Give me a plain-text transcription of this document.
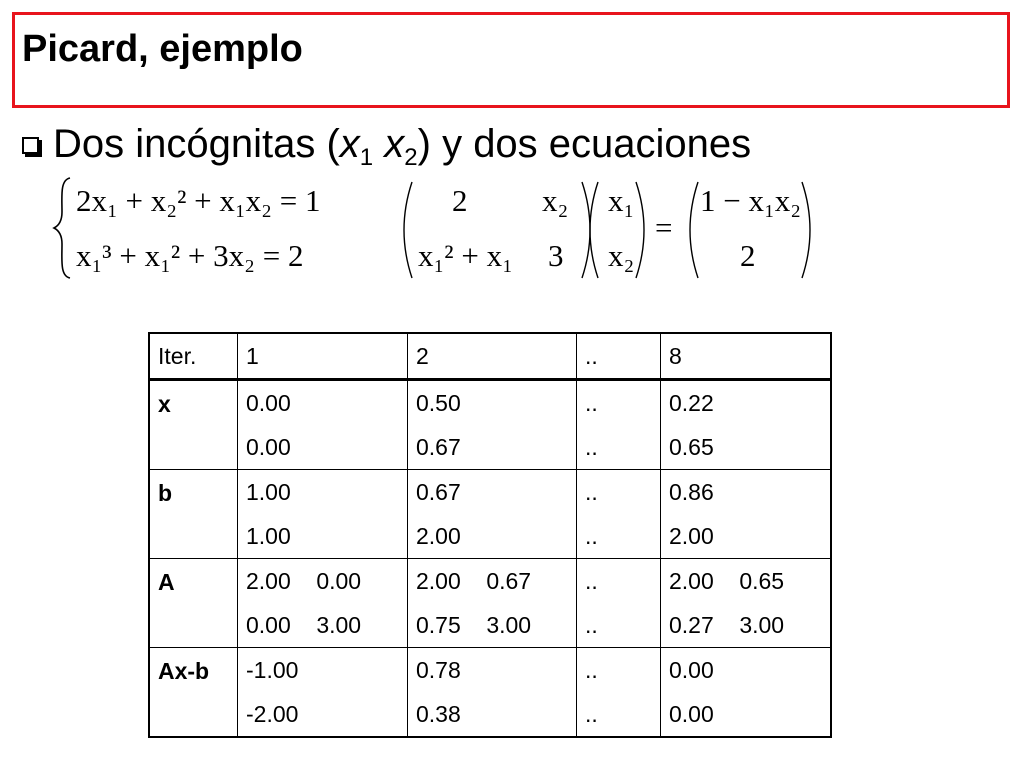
Picard, ejemplo
Dos incógnitas ($x_1$ $x_2$) y dos ecuaciones
2x₁ + x₂² + x₁x₂ = 1
x₁³ + x₁² + 3x₂ = 2
2 x₂
x₁² + x₁ 3
x₁
x₂
=
1 − x₁x₂
2
Iter.	1	2	..	8
x	0.00	0.50	..	0.22
	0.00	0.67	..	0.65
b	1.00	0.67	..	0.86
	1.00	2.00	..	2.00
A	2.00    0.00	2.00    0.67	..	2.00    0.65
	0.00    3.00	0.75    3.00	..	0.27    3.00
Ax-b	-1.00	0.78	..	0.00
	-2.00	0.38	..	0.00
